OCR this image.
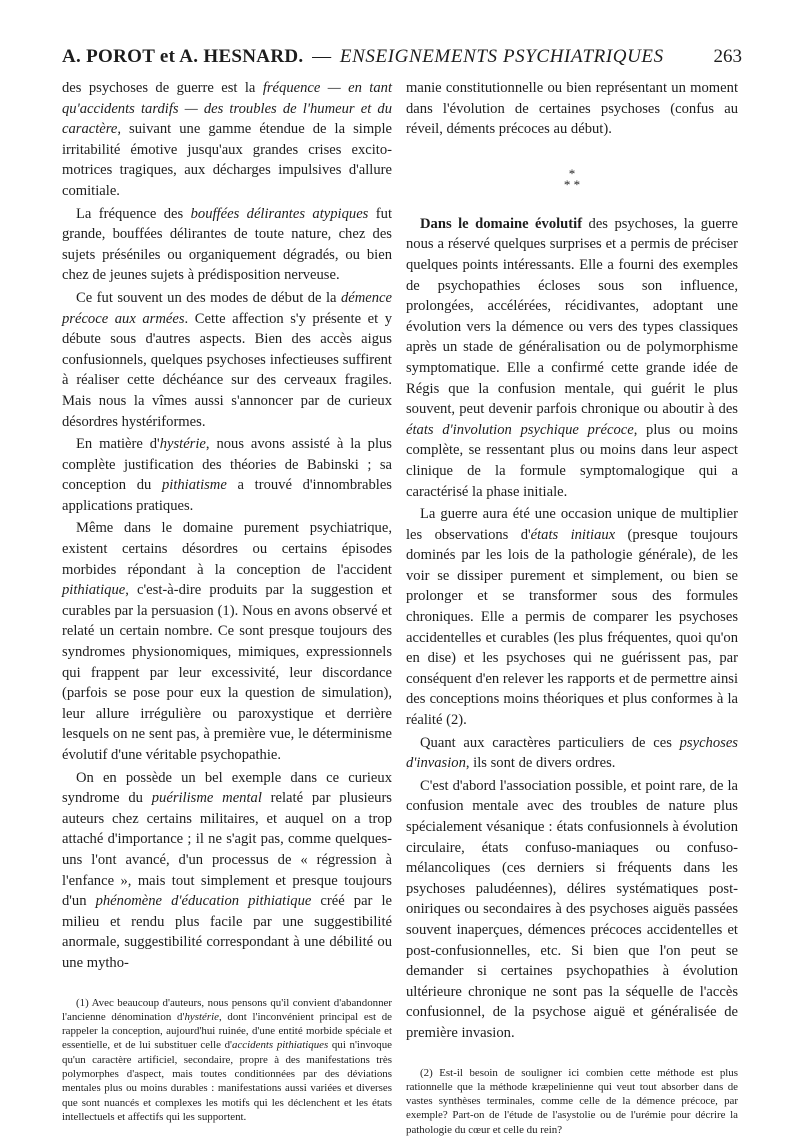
A. POROT et A. HESNARD. — ENSEIGNEMENTS PSYCHIATRIQUES	263

des psychoses de guerre est la fréquence — en tant qu'accidents tardifs — des troubles de l'humeur et du caractère, suivant une gamme étendue de la simple irritabilité émotive jusqu'aux grandes crises excito-motrices tragiques, aux décharges impulsives d'allure comitiale.

La fréquence des bouffées délirantes atypiques fut grande, bouffées délirantes de toute nature, chez des sujets préséniles ou organiquement dégradés, ou bien chez de jeunes sujets à prédisposition nerveuse.

Ce fut souvent un des modes de début de la démence précoce aux armées. Cette affection s'y présente et y débute sous d'autres aspects. Bien des accès aigus confusionnels, quelques psychoses infectieuses suffirent à réaliser cette déchéance sur des cerveaux fragiles. Mais nous la vîmes aussi s'annoncer par de curieux désordres hystériformes.

En matière d'hystérie, nous avons assisté à la plus complète justification des théories de Babinski ; sa conception du pithiatisme a trouvé d'innombrables applications pratiques.

Même dans le domaine purement psychiatrique, existent certains désordres ou certains épisodes morbides répondant à la conception de l'accident pithiatique, c'est-à-dire produits par la suggestion et curables par la persuasion (1). Nous en avons observé et relaté un certain nombre. Ce sont presque toujours des syndromes physionomiques, mimiques, expressionnels qui frappent par leur excessivité, leur discordance (parfois se pose pour eux la question de simulation), leur allure irrégulière ou paroxystique et derrière lesquels on ne sent pas, à première vue, le déterminisme évolutif d'une véritable psychopathie.

On en possède un bel exemple dans ce curieux syndrome du puérilisme mental relaté par plusieurs auteurs chez certains militaires, et auquel on a trop attaché d'importance ; il ne s'agit pas, comme quelques-uns l'ont avancé, d'un processus de « régression à l'enfance », mais tout simplement et presque toujours d'un phénomène d'éducation pithiatique créé par le milieu et rendu plus facile par une suggestibilité anormale, suggestibilité correspondant à une débilité ou une mytho-

(1) Avec beaucoup d'auteurs, nous pensons qu'il convient d'abandonner l'ancienne dénomination d'hystérie, dont l'inconvénient principal est de rappeler la conception, aujourd'hui ruinée, d'une entité morbide spéciale et essentielle, et de lui substituer celle d'accidents pithiatiques qui n'invoque qu'un caractère artificiel, secondaire, propre à des manifestations très polymorphes d'aspect, mais toutes conditionnées par des déviations mentales plus ou moins durables : manifestations aussi variées et diverses que sont nuancés et complexes les motifs qui les déclenchent et les états intellectuels et affectifs qui les supportent.

manie constitutionnelle ou bien représentant un moment dans l'évolution de certaines psychoses (confus au réveil, déments précoces au début).

*
* *

Dans le domaine évolutif des psychoses, la guerre nous a réservé quelques surprises et a permis de préciser quelques points intéressants. Elle a fourni des exemples de psychopathies écloses sous son influence, prolongées, accélérées, récidivantes, adoptant une évolution vers la démence ou vers des types classiques après un stade de généralisation ou de polymorphisme symptomatique. Elle a confirmé cette grande idée de Régis que la confusion mentale, qui guérit le plus souvent, peut devenir parfois chronique ou aboutir à des états d'involution psychique précoce, plus ou moins complète, se ressentant plus ou moins dans leur aspect clinique de la formule symptomalogique qui a caractérisé la phase initiale.

La guerre aura été une occasion unique de multiplier les observations d'états initiaux (presque toujours dominés par les lois de la pathologie générale), de les voir se dissiper purement et simplement, ou bien se prolonger et se transformer sous des formules chroniques. Elle a permis de comparer les psychoses accidentelles et curables (les plus fréquentes, quoi qu'on en dise) et les psychoses qui ne guérissent pas, par conséquent d'en relever les rapports et de permettre ainsi des conceptions moins théoriques et plus conformes à la réalité (2).

Quant aux caractères particuliers de ces psychoses d'invasion, ils sont de divers ordres.

C'est d'abord l'association possible, et point rare, de la confusion mentale avec des troubles de nature plus spécialement vésanique : états confusionnels à évolution circulaire, états confuso-maniaques ou confuso-mélancoliques (ces derniers si fréquents dans les psychoses paludéennes), délires systématiques post-oniriques ou secondaires à des psychoses aiguës passées souvent inaperçues, démences précoces accidentelles et post-confusionnelles, etc. Si bien que l'on peut se demander si certaines psychopathies à évolution ultérieure chronique ne sont pas la séquelle de l'accès confusionnel, de la psychose aiguë et généralisée de première invasion.

(2) Est-il besoin de souligner ici combien cette méthode est plus rationnelle que la méthode kræpelinienne qui veut tout absorber dans de vastes synthèses terminales, comme celle de la démence précoce, par exemple? Part-on de l'étude de l'asystolie ou de l'urémie pour décrire la pathologie du cœur et celle du rein?
